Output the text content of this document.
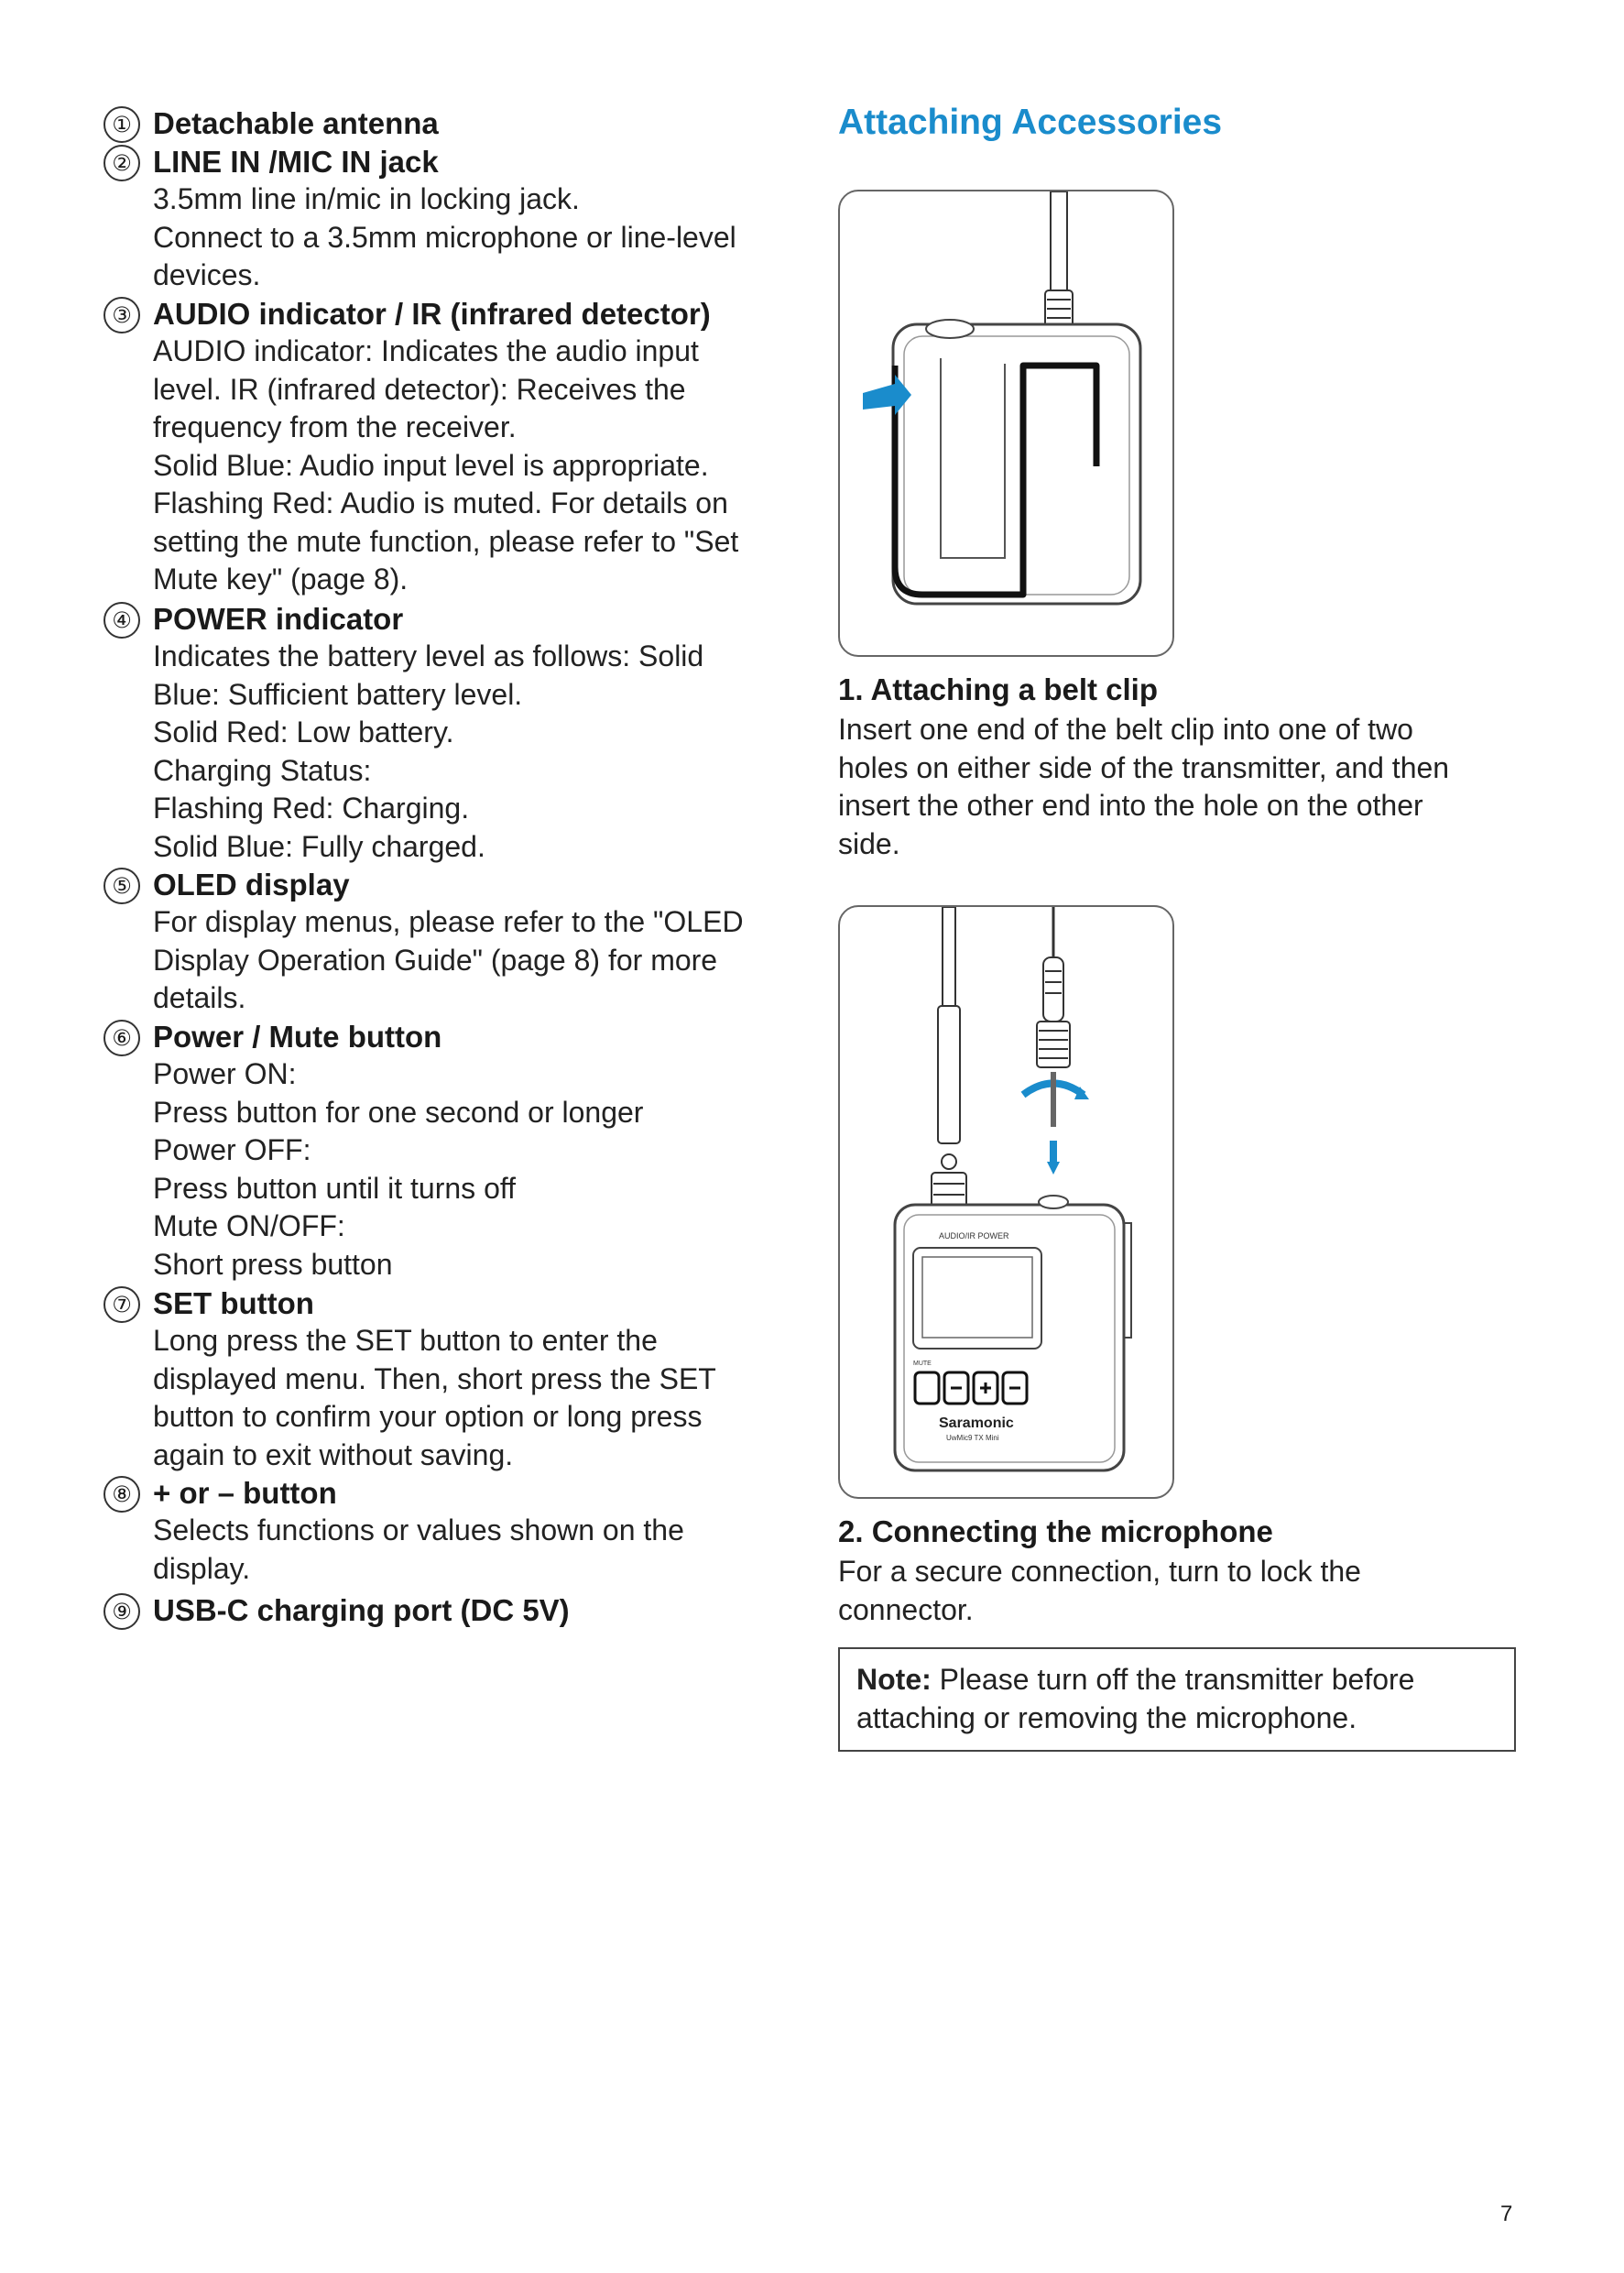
① Detachable antenna
② LINE IN /MIC IN jack
3.5mm line in/mic in locking jack.
Connect to a 3.5mm microphone or line-level
devices.
③ AUDIO indicator / IR (infrared detector)
AUDIO indicator: Indicates the audio input
level. IR (infrared detector): Receives the
frequency from the receiver.
Solid Blue: Audio input level is appropriate.
Flashing Red: Audio is muted. For details on
setting the mute function, please refer to "Set
Mute key" (page 8).
④ POWER indicator
Indicates the battery level as follows: Solid
Blue: Sufficient battery level.
Solid Red: Low battery.
Charging Status:
Flashing Red: Charging.
Solid Blue: Fully charged.
⑤ OLED display
For display menus, please refer to the "OLED
Display Operation Guide" (page 8) for more
details.
⑥ Power / Mute button
Power ON:
Press button for one second or longer
Power OFF:
Press button until it turns off
Mute ON/OFF:
Short press button
⑦ SET button
Long press the SET button to enter the
displayed menu. Then, short press the SET
button to confirm your option or long press
again to exit without saving.
⑧ + or – button
Selects functions or values shown on the
display.
⑨ USB-C charging port (DC 5V)
Attaching Accessories
1. Attaching a belt clip
Insert one end of the belt clip into one of two
holes on either side of the transmitter, and then
insert the other end into the hole on the other
side.
AUDIO/IR POWER
MUTE
Saramonic
UwMic9 TX Mini
2. Connecting the microphone
For a secure connection, turn to lock the
connector.
Note: Please turn off the transmitter before
attaching or removing the microphone.
7
